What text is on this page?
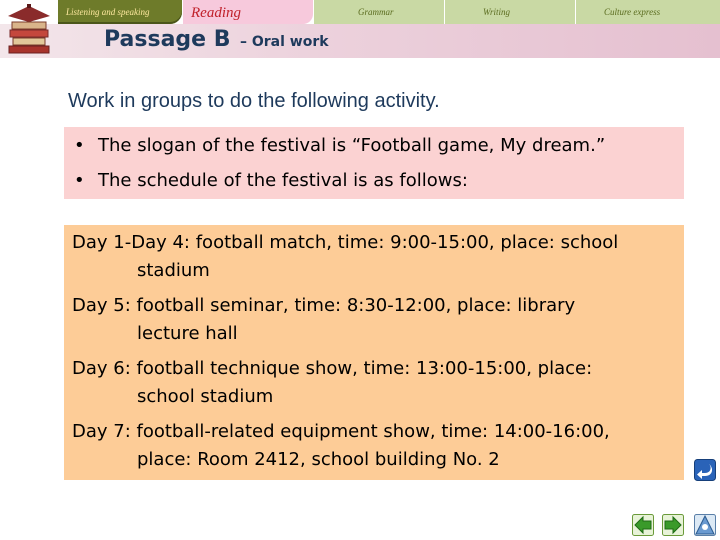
Listening and speaking	Reading	Grammar	Writing	Culture express
Passage B – Oral work
Work in groups to do the following activity.
• The slogan of the festival is “Football game, My dream.”
• The schedule of the festival is as follows:
Day 1-Day 4: football match, time: 9:00-15:00, place: school
stadium
Day 5: football seminar, time: 8:30-12:00, place: library
lecture hall
Day 6: football technique show, time: 13:00-15:00, place:
school stadium
Day 7: football-related equipment show, time: 14:00-16:00,
place: Room 2412, school building No. 2
